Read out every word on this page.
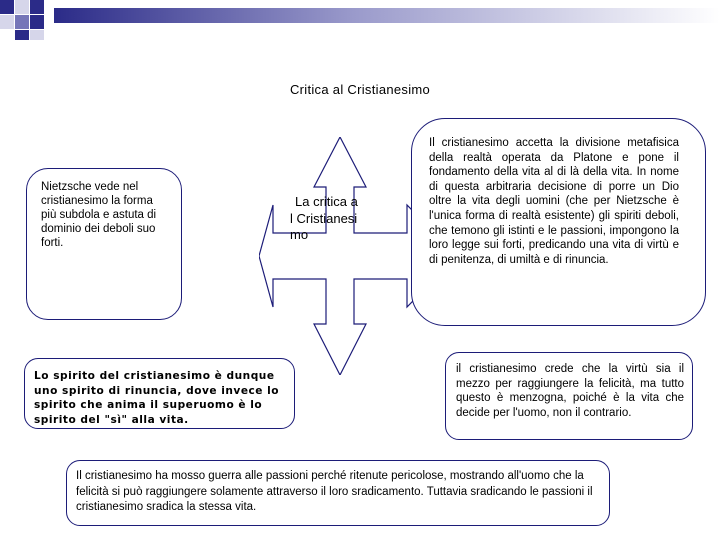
Critica al Cristianesimo
Nietzsche vede nel cristianesimo la forma più subdola e astuta di dominio dei deboli suo forti.
La critica al Cristianesimo
Il cristianesimo accetta la divisione metafisica della realtà operata da Platone e pone il fondamento della vita al di là della vita. In nome di questa arbitraria decisione di porre un Dio oltre la vita degli uomini (che per Nietzsche è l'unica forma di realtà esistente) gli spiriti deboli, che temono gli istinti e le passioni, impongono la loro legge sui forti, predicando una vita di virtù e di penitenza, di umiltà e di rinuncia.
Lo spirito del cristianesimo è dunque uno spirito di rinuncia, dove invece lo spirito che anima il superuomo è lo spirito del "sì" alla vita.
il cristianesimo crede che la virtù sia il mezzo per raggiungere la felicità, ma tutto questo è menzogna, poiché è la vita che decide per l'uomo, non il contrario.
Il cristianesimo ha mosso guerra alle passioni perché ritenute pericolose, mostrando all'uomo che la felicità si può raggiungere solamente attraverso il loro sradicamento. Tuttavia sradicando le passioni il cristianesimo sradica la stessa vita.
